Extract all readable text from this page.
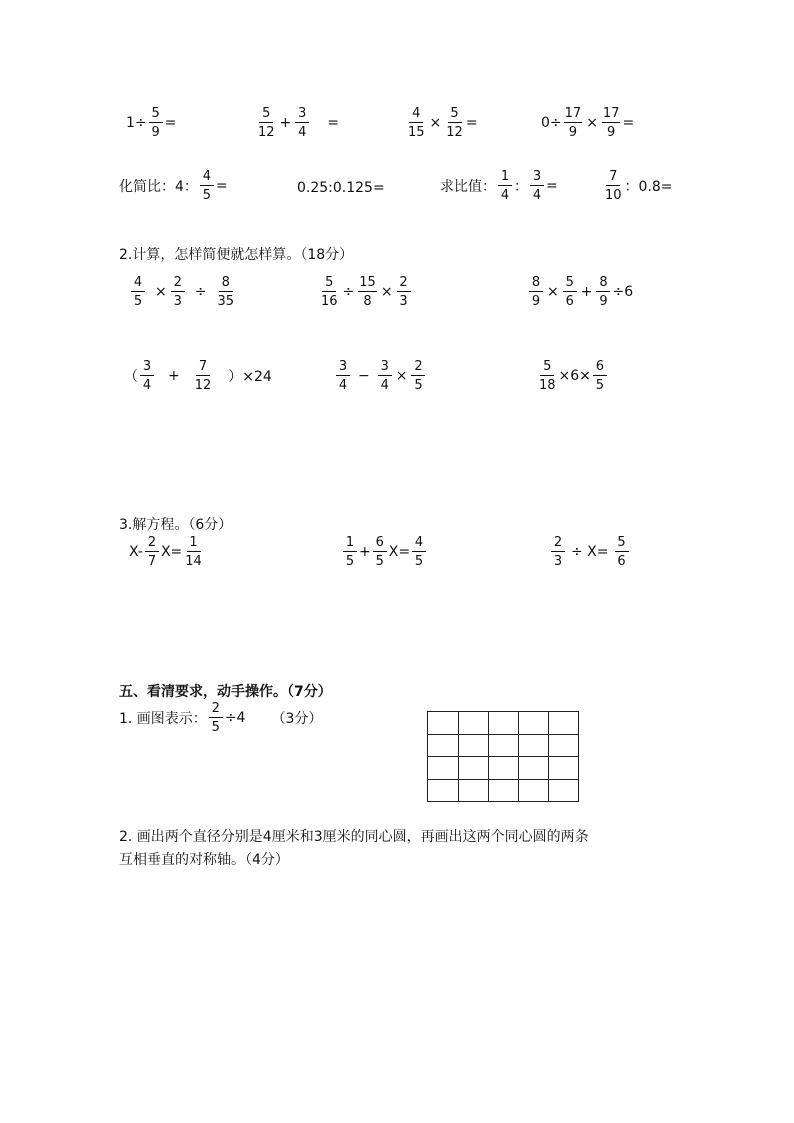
$1\div \frac{5}{9}$ =	$\frac{5}{12} + \frac{3}{4}$ =	$\frac{4}{15} \times \frac{5}{12}$ =	$0\div \frac{17}{9} \times \frac{17}{9}$ =
化简比：4： $\frac{4}{5}$ =	0.25:0.125=	求比值： $\frac{1}{4}$ ： $\frac{3}{4}$ =	$\frac{7}{10}$ ：0.8=
2.计算，怎样简便就怎样算。（18分）
$\frac{4}{5} \times \frac{2}{3} \div \frac{8}{35}$	$\frac{5}{16} \div \frac{15}{8} \times \frac{2}{3}$	$\frac{8}{9} \times \frac{5}{6} + \frac{8}{9} \div 6$
（ $\frac{3}{4} + \frac{7}{12} )\times 24$	$\frac{3}{4} - \frac{3}{4} \times \frac{2}{5}$	$\frac{5}{18} \times 6\times \frac{6}{5}$
3.解方程。（6分）
$X- \frac{2}{7} X= \frac{1}{14}$	$\frac{1}{5} + \frac{6}{5} X= \frac{4}{5}$	$\frac{2}{3} \div X= \frac{5}{6}$
五、看清要求，动手操作。（7分）
1. 画图表示： $\frac{2}{5} \div 4$ （3分）
2. 画出两个直径分别是4厘米和3厘米的同心圆，再画出这两个同心圆的两条
互相垂直的对称轴。（4分）
